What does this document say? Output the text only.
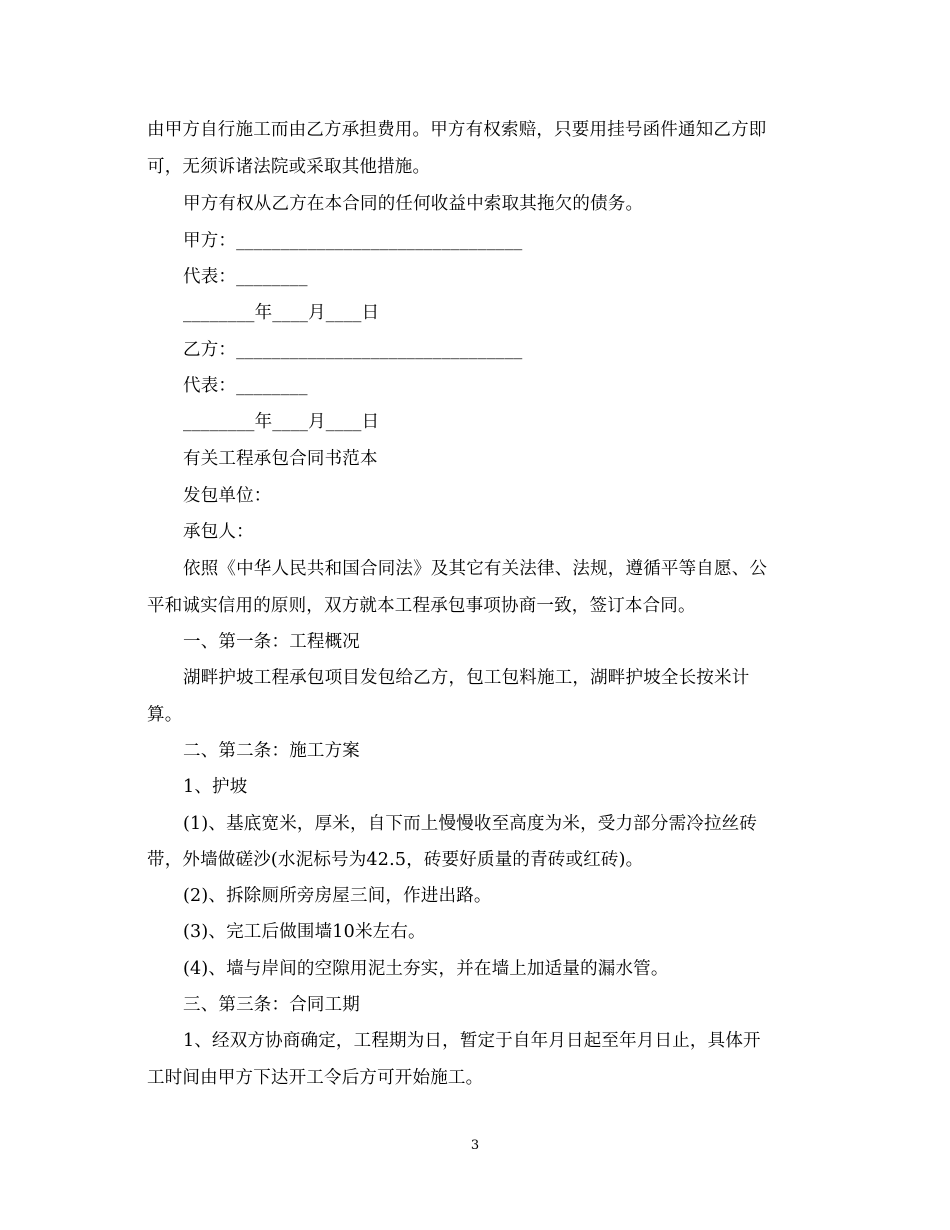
由甲方自行施工而由乙方承担费用。甲方有权索赔，只要用挂号函件通知乙方即
可，无须诉诸法院或采取其他措施。
甲方有权从乙方在本合同的任何收益中索取其拖欠的债务。
甲方：________________________________
代表：________
________年____月____日
乙方：________________________________
代表：________
________年____月____日
有关工程承包合同书范本
发包单位：
承包人：
依照《中华人民共和国合同法》及其它有关法律、法规，遵循平等自愿、公
平和诚实信用的原则，双方就本工程承包事项协商一致，签订本合同。
一、第一条：工程概况
湖畔护坡工程承包项目发包给乙方，包工包料施工，湖畔护坡全长按米计
算。
二、第二条：施工方案
1、护坡
(1)、基底宽米，厚米，自下而上慢慢收至高度为米，受力部分需冷拉丝砖
带，外墙做磋沙(水泥标号为42.5，砖要好质量的青砖或红砖)。
(2)、拆除厕所旁房屋三间，作进出路。
(3)、完工后做围墙10米左右。
(4)、墙与岸间的空隙用泥土夯实，并在墙上加适量的漏水管。
三、第三条：合同工期
1、经双方协商确定，工程期为日，暂定于自年月日起至年月日止，具体开
工时间由甲方下达开工令后方可开始施工。
3
